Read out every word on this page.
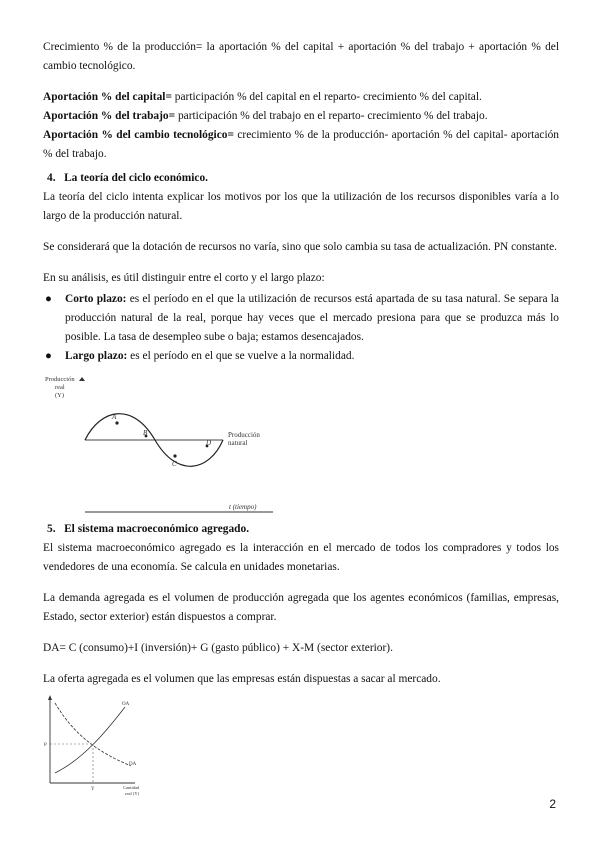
Crecimiento % de la producción= la aportación % del capital + aportación % del trabajo + aportación % del cambio tecnológico.

Aportación % del capital= participación % del capital en el reparto- crecimiento % del capital.

Aportación % del trabajo= participación % del trabajo en el reparto- crecimiento % del trabajo.

Aportación % del cambio tecnológico= crecimiento % de la producción- aportación % del capital- aportación % del trabajo.

4.   La teoría del ciclo económico.

La teoría del ciclo intenta explicar los motivos por los que la utilización de los recursos disponibles varía a lo largo de la producción natural.

Se considerará que la dotación de recursos no varía, sino que solo cambia su tasa de actualización. PN constante.

En su análisis, es útil distinguir entre el corto y el largo plazo:

● Corto plazo: es el período en el que la utilización de recursos está apartada de su tasa natural. Se separa la producción natural de la real, porque hay veces que el mercado presiona para que se produzca más lo posible. La tasa de desempleo sube o baja; estamos desencajados.
● Largo plazo: es el período en el que se vuelve a la normalidad.
Producción
real
(Y)
A
B
C
D
Producción
natural
t (tiempo)
5.   El sistema macroeconómico agregado.

El sistema macroeconómico agregado es la interacción en el mercado de todos los compradores y todos los vendedores de una economía. Se calcula en unidades monetarias.

La demanda agregada es el volumen de producción agregada que los agentes económicos (familias, empresas, Estado, sector exterior) están dispuestos a comprar.

DA= C (consumo)+I (inversión)+ G (gasto público) + X-M (sector exterior).

La oferta agregada es el volumen que las empresas están dispuestas a sacar al mercado.

OA
DA
P
Y	Cantidad
real (Y)
2
